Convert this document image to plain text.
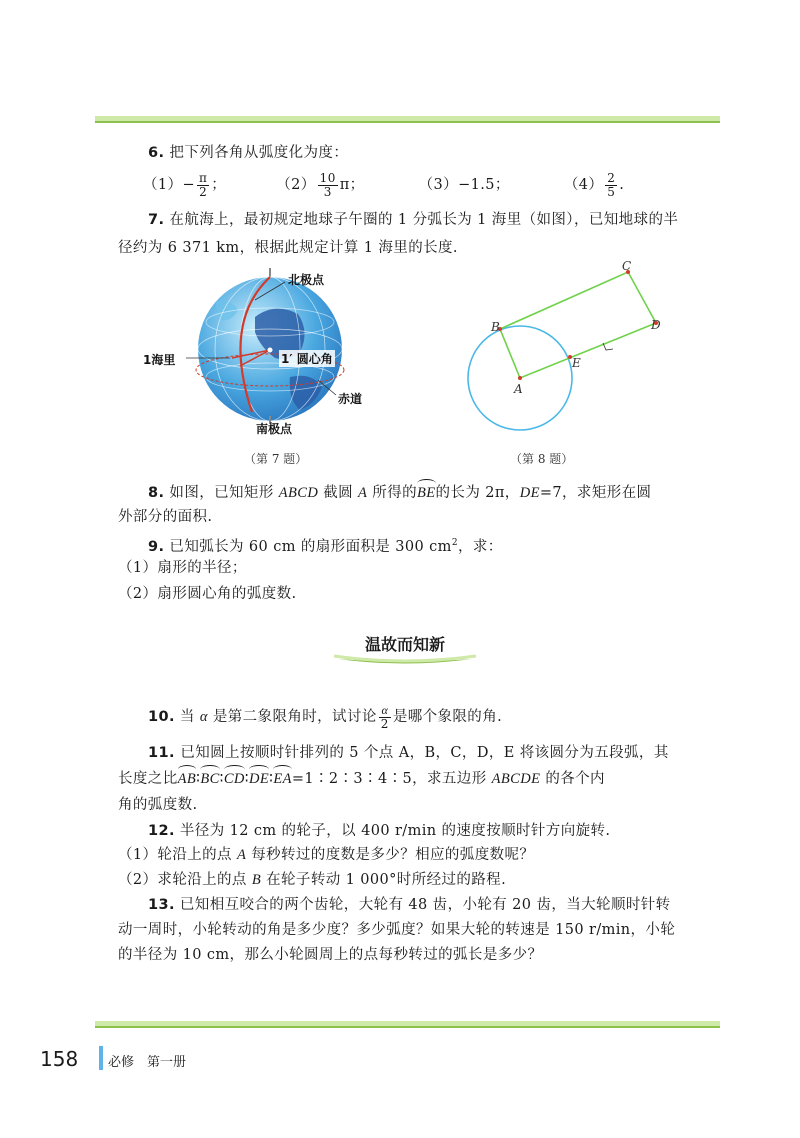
6. 把下列各角从弧度化为度：
$(1)- \frac{\pi}{2}$ ；	$(2) \frac{10}{3}$ π；	（3）−1.5；	$(4) \frac{2}{5}$ .
7. 在航海上，最初规定地球子午圈的 1 分弧长为 1 海里（如图），已知地球的半
径约为 6 371 km，根据此规定计算 1 海里的长度.
北极点
南极点
1海里	1′ 圆心角
赤道
（第 7 题）
A
B
C
D
E
（第 8 题）
8. 如图，已知矩形 ABCD 截圆 A 所得的BE的长为 2π，DE=7，求矩形在圆
外部分的面积.
9. 已知弧长为 60 cm 的扇形面积是 300 $cm^2$，求：
（1）扇形的半径；
（2）扇形圆心角的弧度数.
温故而知新
10. 当 α 是第二象限角时，试讨论 $\frac{\alpha}{2}$ 是哪个象限的角.
11. 已知圆上按顺时针排列的 5 个点 A，B，C，D，E 将该圆分为五段弧，其
长度之比AB∶BC∶CD∶DE∶EA=1∶2∶3∶4∶5，求五边形 ABCDE 的各个内
角的弧度数.
12. 半径为 12 cm 的轮子，以 400 r/min 的速度按顺时针方向旋转.
（1）轮沿上的点 A 每秒转过的度数是多少？相应的弧度数呢？
（2）求轮沿上的点 B 在轮子转动 1 000°时所经过的路程.
13. 已知相互咬合的两个齿轮，大轮有 48 齿，小轮有 20 齿，当大轮顺时针转
动一周时，小轮转动的角是多少度？多少弧度？如果大轮的转速是 150 r/min，小轮
的半径为 10 cm，那么小轮圆周上的点每秒转过的弧长是多少？
158 必修　第一册
